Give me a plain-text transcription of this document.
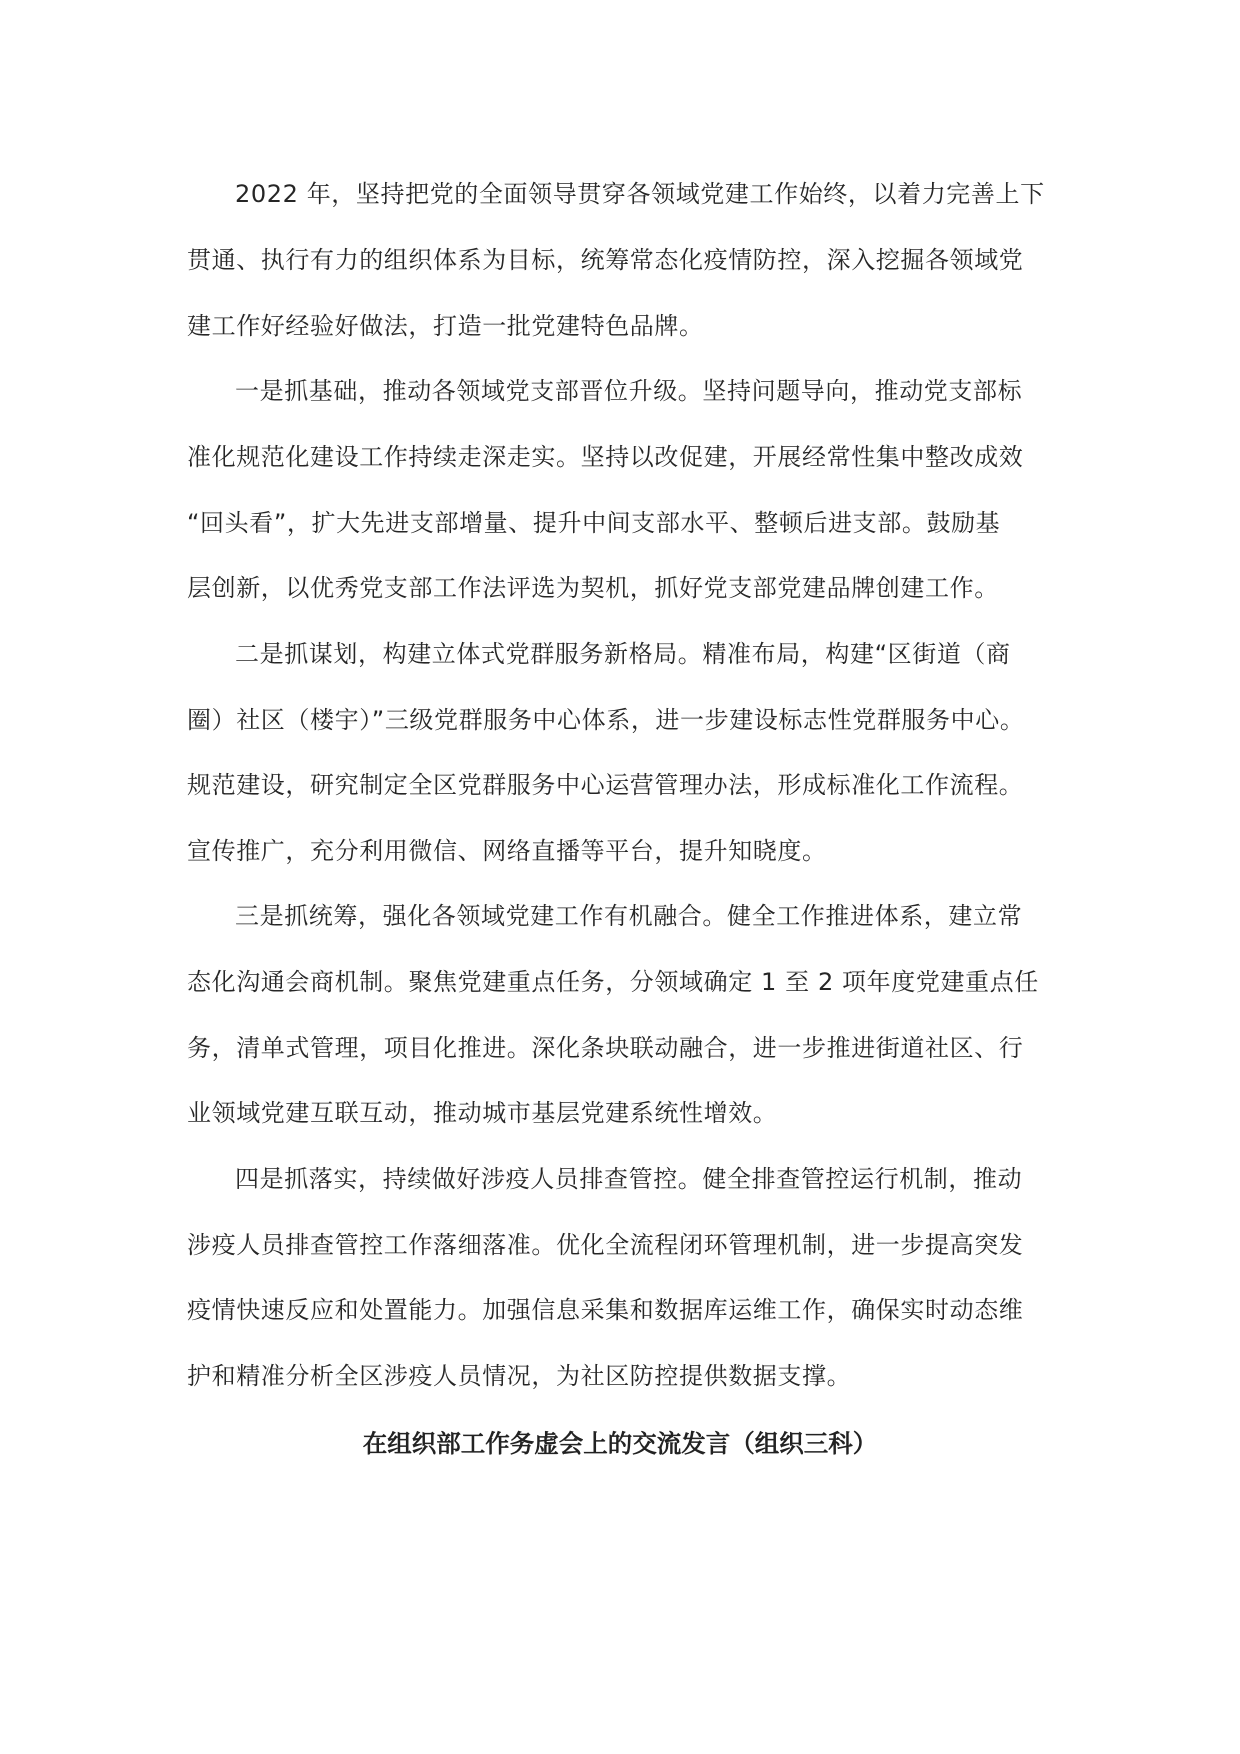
2022 年，坚持把党的全面领导贯穿各领域党建工作始终，以着力完善上下
贯通、执行有力的组织体系为目标，统筹常态化疫情防控，深入挖掘各领域党
建工作好经验好做法，打造一批党建特色品牌。
一是抓基础，推动各领域党支部晋位升级。坚持问题导向，推动党支部标
准化规范化建设工作持续走深走实。坚持以改促建，开展经常性集中整改成效
“回头看”，扩大先进支部增量、提升中间支部水平、整顿后进支部。鼓励基
层创新，以优秀党支部工作法评选为契机，抓好党支部党建品牌创建工作。
二是抓谋划，构建立体式党群服务新格局。精准布局，构建“区街道（商
圈）社区（楼宇）”三级党群服务中心体系，进一步建设标志性党群服务中心。
规范建设，研究制定全区党群服务中心运营管理办法，形成标准化工作流程。
宣传推广，充分利用微信、网络直播等平台，提升知晓度。
三是抓统筹，强化各领域党建工作有机融合。健全工作推进体系，建立常
态化沟通会商机制。聚焦党建重点任务，分领域确定 1 至 2 项年度党建重点任
务，清单式管理，项目化推进。深化条块联动融合，进一步推进街道社区、行
业领域党建互联互动，推动城市基层党建系统性增效。
四是抓落实，持续做好涉疫人员排查管控。健全排查管控运行机制，推动
涉疫人员排查管控工作落细落准。优化全流程闭环管理机制，进一步提高突发
疫情快速反应和处置能力。加强信息采集和数据库运维工作，确保实时动态维
护和精准分析全区涉疫人员情况，为社区防控提供数据支撑。
在组织部工作务虚会上的交流发言（组织三科）
